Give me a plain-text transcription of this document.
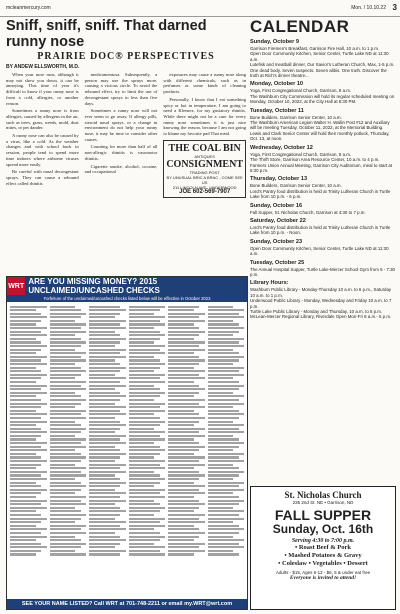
mcleanmercury.com	Mon. / 10.10.22 3
Sniff, sniff, sniff. That darned runny nose
PRAIRIE DOC® PERSPECTIVES
BY ANDEW ELLSWORTH, M.D.

When your nose runs, although it may not show you down, it can be annoying. This time of year it's difficult to know if your runny nose is from a cold, allergies, or another reason.

Sometimes a runny nose is from allergies, caused by allergens in the air, such as trees, grass, weeds, mold, dust mites, or pet dander.

A runny nose can also be caused by a virus, like a cold. As the weather changes and with school back in session, people tend to spend more time indoors where airborne viruses spread more easily.

Be careful with nasal decongestant sprays. They can cause a rebound effect called rhinitis

medicamentosa. Subsequently, a person may use the sprays more, causing a vicious circle. To avoid the rebound effect, try to limit the use of decongestant sprays to less than five days.

Sometimes a runny nose will not ever seem to go away. If allergy pills, steroid nasal sprays, or a change in environment do not help your runny nose, it may be time to consider other causes.

Counting for more than half of all non-allergic rhinitis is vasomotor rhinitis.

Cigarette smoke, alcohol, cocaine, and occupational

exposures may cause a runny nose along with different chemicals, such as in perfumes or some kinds of cleaning products.

Personally, I know that I eat something spicy or hot in temperature, I am going to need a Kleenex, for my gustatory rhinitis. While there might not be a cure for every runny nose sometimes it is just nice knowing the reason, because I am not going to blame my favorite pad Thai meal.

THE COAL BIN
ANTIQUES
CONSIGNMENT
TRADING POST
BY UNUSUAL BRIC A BRAC - COME SEE US
211 LINCOLN AVE., UNDERWOOD
JOE 602-569-7907
CALENDAR
Sunday, October 9

Garrison Firemen's Breakfast, Garrison Fire Hall, 10 a.m. to 1 p.m.

Open Door Community Kitchen, Senior Center, Turtle Lake ND at 11:30 a.m.

Lutefisk and meatball dinner, Our Savior's Lutheran Church, Max, 1-5 p.m.

One dead body. Seven suspects. Seven alibis. One truth. Discover the truth at Rich's dinner theatre...

Monday, October 10

Yoga, First Congregational Church, Garrison, 8 a.m.

The Washburn City Commission will hold its regular scheduled meeting on Monday, October 10, 2022, at the City Hall at 6:30 PM.

Tuesday, October 11

Bone Builders, Garrison Senior Center, 10 a.m.

The Washburn American Legion Walter H. Wallin Post #12 and Auxiliary will be meeting Tuesday, October 11, 2022, at the Memorial Building.

Lewis and Clark Senior Center will hold their monthly potluck, Thursday, Oct. 13, at noon.

Wednesday, October 12

Yoga, First Congregational Church, Garrison, 8 a.m.

The Thrift Store, Garrison Area Resource Center, 10 a.m. to 4 p.m.

Farmers Union Annual Meeting, Garrison City Auditorium, meal to start at 6:30 p.m.

Thursday, October 13

Bone Builders, Garrison Senior Center, 10 a.m.

Lord's Pantry food distribution is held at Trinity Lutheran Church in Turtle Lake from 10 p.m. - 6 p.m.

Sunday, October 16

Fall Supper, St. Nicholas Church, Garrison at 4:30 to 7 p.m.

Saturday, October 22

Lord's Pantry food distribution is held at Trinity Lutheran Church in Turtle Lake from 10 p.m. - Noon.

Sunday, October 23

Open Door Community Kitchen, Senior Center, Turtle Lake ND at 11:30 a.m.

Tuesday, October 25

The Annual Hospital Supper, Turtle Lake-Mercer School Gym from 5 - 7:30 p.m.

Library Hours:

Washburn Public Library - Monday-Thursday 10 a.m. to 6 p.m., Saturday 10 a.m. to 1 p.m.

Underwood Public Library - Monday, Wednesday and Friday 10 a.m. to 7 p.m.

Turtle Lake Public Library - Monday and Thursday, 10 a.m. to 5 p.m.

McLean-Mercer Regional Library, Riverdale Open Mon-Fri 8 a.m.- 5 p.m.

WRT ARE YOU MISSING MONEY? 2015 UNCLAIMED/UNCASHED CHECKS
Forfeiture of the unclaimed/uncashed checks listed below will be effective in October 2023
SEE YOUR NAME LISTED? Call WRT at 701-748-2211 or email my.WRT@wrt.com
St. Nicholas Church
235 2nd St. NE • Garrison, ND
FALL SUPPER
Sunday, Oct. 16th
Serving 4:30 to 7:00 p.m.
• Roast Beef & Pork
• Mashed Potatoes & Gravy
• Coleslaw • Vegetables • Dessert
Adults - $15, Ages 6-12 - $6, 5 & under eat free
Everyone is invited to attend!
